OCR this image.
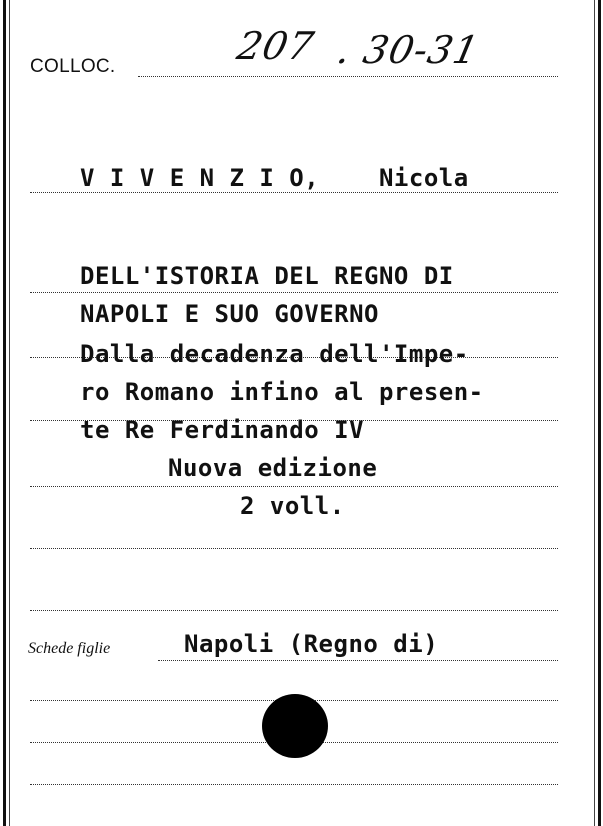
COLLOC.	207 . 30-31
V I V E N Z I O,    Nicola
DELL'ISTORIA DEL REGNO DI
NAPOLI E SUO GOVERNO
Dalla decadenza dell'Impe-
ro Romano infino al presen-
te Re Ferdinando IV
Nuova edizione
2 voll.
Schede figlie	Napoli (Regno di)
